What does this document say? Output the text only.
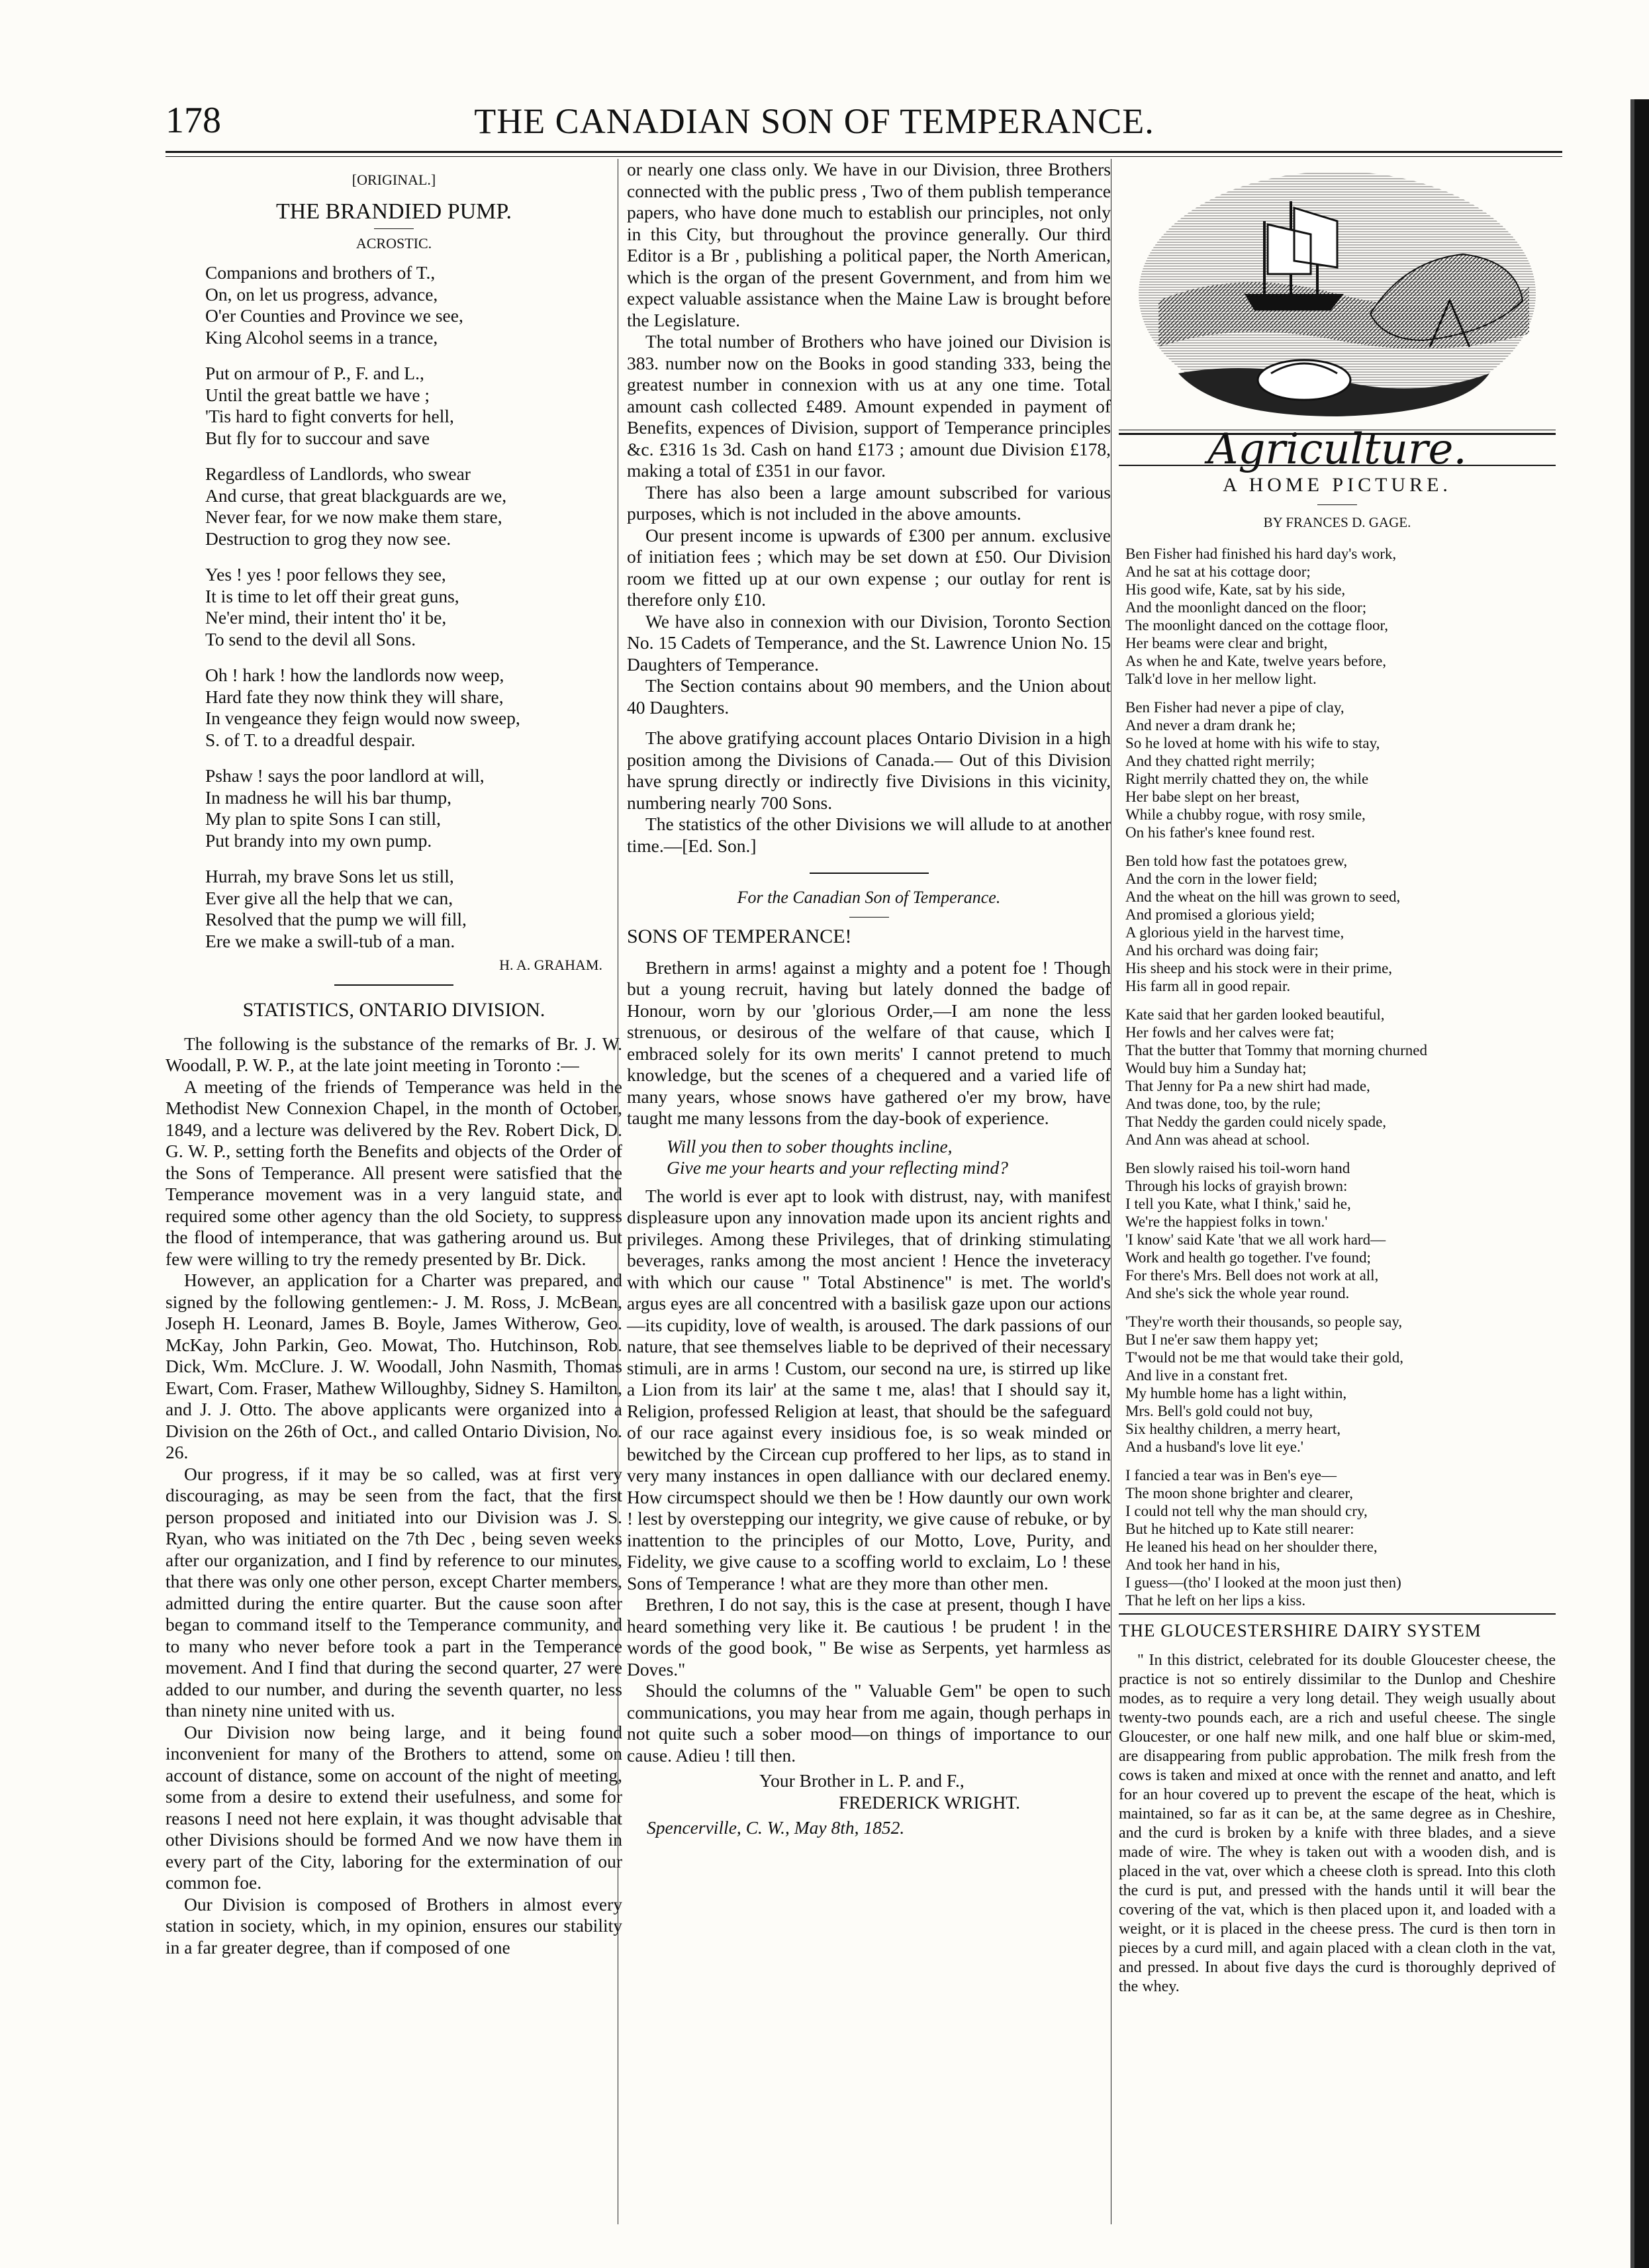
178	THE CANADIAN SON OF TEMPERANCE.
[ORIGINAL.]
THE BRANDIED PUMP.
ACROSTIC.

Companions and brothers of T.,
On, on let us progress, advance,
O'er Counties and Province we see,
King Alcohol seems in a trance,

Put on armour of P., F. and L.,
Until the great battle we have ;
'Tis hard to fight converts for hell,
But fly for to succour and save

Regardless of Landlords, who swear
And curse, that great blackguards are we,
Never fear, for we now make them stare,
Destruction to grog they now see.

Yes ! yes ! poor fellows they see,
It is time to let off their great guns,
Ne'er mind, their intent tho' it be,
To send to the devil all Sons.

Oh ! hark ! how the landlords now weep,
Hard fate they now think they will share,
In vengeance they feign would now sweep,
S. of T. to a dreadful despair.

Pshaw ! says the poor landlord at will,
In madness he will his bar thump,
My plan to spite Sons I can still,
Put brandy into my own pump.

Hurrah, my brave Sons let us still,
Ever give all the help that we can,
Resolved that the pump we will fill,
Ere we make a swill-tub of a man.

H. A. GRAHAM.
STATISTICS, ONTARIO DIVISION.

The following is the substance of the remarks of Br. J. W. Woodall, P. W. P., at the late joint meeting in Toronto :—

A meeting of the friends of Temperance was held in the Methodist New Connexion Chapel, in the month of October, 1849, and a lecture was delivered by the Rev. Robert Dick, D. G. W. P., setting forth the Benefits and objects of the Order of the Sons of Temperance. All present were satisfied that the Temperance movement was in a very languid state, and required some other agency than the old Society, to suppress the flood of intemperance, that was gathering around us. But few were willing to try the remedy presented by Br. Dick.

However, an application for a Charter was prepared, and signed by the following gentlemen:- J. M. Ross, J. McBean, Joseph H. Leonard, James B. Boyle, James Witherow, Geo. McKay, John Parkin, Geo. Mowat, Tho. Hutchinson, Rob. Dick, Wm. McClure. J. W. Woodall, John Nasmith, Thomas Ewart, Com. Fraser, Mathew Willoughby, Sidney S. Hamilton, and J. J. Otto. The above applicants were organized into a Division on the 26th of Oct., and called Ontario Division, No. 26.

Our progress, if it may be so called, was at first very discouraging, as may be seen from the fact, that the first person proposed and initiated into our Division was J. S. Ryan, who was initiated on the 7th Dec , being seven weeks after our organization, and I find by reference to our minutes, that there was only one other person, except Charter members, admitted during the entire quarter. But the cause soon after began to command itself to the Temperance community, and to many who never before took a part in the Temperance movement. And I find that during the second quarter, 27 were added to our number, and during the seventh quarter, no less than ninety nine united with us.

Our Division now being large, and it being found inconvenient for many of the Brothers to attend, some on account of distance, some on account of the night of meeting, some from a desire to extend their usefulness, and some for reasons I need not here explain, it was thought advisable that other Divisions should be formed And we now have them in every part of the City, laboring for the extermination of our common foe.

Our Division is composed of Brothers in almost every station in society, which, in my opinion, ensures our stability in a far greater degree, than if composed of one

or nearly one class only. We have in our Division, three Brothers connected with the public press , Two of them publish temperance papers, who have done much to establish our principles, not only in this City, but throughout the province generally. Our third Editor is a Br , publishing a political paper, the North American, which is the organ of the present Government, and from him we expect valuable assistance when the Maine Law is brought before the Legislature.

The total number of Brothers who have joined our Division is 383. number now on the Books in good standing 333, being the greatest number in connexion with us at any one time. Total amount cash collected £489. Amount expended in payment of Benefits, expences of Division, support of Temperance principles &c. £316 1s 3d. Cash on hand £173 ; amount due Division £178, making a total of £351 in our favor.

There has also been a large amount subscribed for various purposes, which is not included in the above amounts.

Our present income is upwards of £300 per annum. exclusive of initiation fees ; which may be set down at £50. Our Division room we fitted up at our own expense ; our outlay for rent is therefore only £10.

We have also in connexion with our Division, Toronto Section No. 15 Cadets of Temperance, and the St. Lawrence Union No. 15 Daughters of Temperance.

The Section contains about 90 members, and the Union about 40 Daughters.

The above gratifying account places Ontario Division in a high position among the Divisions of Canada.— Out of this Division have sprung directly or indirectly five Divisions in this vicinity, numbering nearly 700 Sons.

The statistics of the other Divisions we will allude to at another time.—[Ed. Son.]

For the Canadian Son of Temperance.
SONS OF TEMPERANCE!

Brethern in arms! against a mighty and a potent foe ! Though but a young recruit, having but lately donned the badge of Honour, worn by our 'glorious Order,—I am none the less strenuous, or desirous of the welfare of that cause, which I embraced solely for its own merits' I cannot pretend to much knowledge, but the scenes of a chequered and a varied life of many years, whose snows have gathered o'er my brow, have taught me many lessons from the day-book of experience.

Will you then to sober thoughts incline,
Give me your hearts and your reflecting mind?

The world is ever apt to look with distrust, nay, with manifest displeasure upon any innovation made upon its ancient rights and privileges. Among these Privileges, that of drinking stimulating beverages, ranks among the most ancient ! Hence the inveteracy with which our cause " Total Abstinence" is met. The world's argus eyes are all concentred with a basilisk gaze upon our actions—its cupidity, love of wealth, is aroused. The dark passions of our nature, that see themselves liable to be deprived of their necessary stimuli, are in arms ! Custom, our second na ure, is stirred up like a Lion from its lair' at the same t me, alas! that I should say it, Religion, professed Religion at least, that should be the safeguard of our race against every insidious foe, is so weak minded or bewitched by the Circean cup proffered to her lips, as to stand in very many instances in open dalliance with our declared enemy. How circumspect should we then be ! How dauntly our own work ! lest by overstepping our integrity, we give cause of rebuke, or by inattention to the principles of our Motto, Love, Purity, and Fidelity, we give cause to a scoffing world to exclaim, Lo ! these Sons of Temperance ! what are they more than other men.

Brethren, I do not say, this is the case at present, though I have heard something very like it. Be cautious ! be prudent ! in the words of the good book, " Be wise as Serpents, yet harmless as Doves."

Should the columns of the " Valuable Gem" be open to such communications, you may hear from me again, though perhaps in not quite such a sober mood—on things of importance to our cause. Adieu ! till then.

Your Brother in L. P. and F.,

FREDERICK WRIGHT.

Spencerville, C. W., May 8th, 1852.

Agriculture.
A HOME PICTURE.
BY FRANCES D. GAGE.

Ben Fisher had finished his hard day's work,
And he sat at his cottage door;
His good wife, Kate, sat by his side,
And the moonlight danced on the floor;
The moonlight danced on the cottage floor,
Her beams were clear and bright,
As when he and Kate, twelve years before,
Talk'd love in her mellow light.

Ben Fisher had never a pipe of clay,
And never a dram drank he;
So he loved at home with his wife to stay,
And they chatted right merrily;
Right merrily chatted they on, the while
Her babe slept on her breast,
While a chubby rogue, with rosy smile,
On his father's knee found rest.

Ben told how fast the potatoes grew,
And the corn in the lower field;
And the wheat on the hill was grown to seed,
And promised a glorious yield;
A glorious yield in the harvest time,
And his orchard was doing fair;
His sheep and his stock were in their prime,
His farm all in good repair.

Kate said that her garden looked beautiful,
Her fowls and her calves were fat;
That the butter that Tommy that morning churned
Would buy him a Sunday hat;
That Jenny for Pa a new shirt had made,
And twas done, too, by the rule;
That Neddy the garden could nicely spade,
And Ann was ahead at school.

Ben slowly raised his toil-worn hand
Through his locks of grayish brown:
I tell you Kate, what I think,' said he,
We're the happiest folks in town.'
'I know' said Kate 'that we all work hard—
Work and health go together. I've found;
For there's Mrs. Bell does not work at all,
And she's sick the whole year round.

'They're worth their thousands, so people say,
But I ne'er saw them happy yet;
T'would not be me that would take their gold,
And live in a constant fret.
My humble home has a light within,
Mrs. Bell's gold could not buy,
Six healthy children, a merry heart,
And a husband's love lit eye.'

I fancied a tear was in Ben's eye—
The moon shone brighter and clearer,
I could not tell why the man should cry,
But he hitched up to Kate still nearer:
He leaned his head on her shoulder there,
And took her hand in his,
I guess—(tho' I looked at the moon just then)
That he left on her lips a kiss.

THE GLOUCESTERSHIRE DAIRY SYSTEM

" In this district, celebrated for its double Gloucester cheese, the practice is not so entirely dissimilar to the Dunlop and Cheshire modes, as to require a very long detail. They weigh usually about twenty-two pounds each, are a rich and useful cheese. The single Gloucester, or one half new milk, and one half blue or skim-med, are disappearing from public approbation. The milk fresh from the cows is taken and mixed at once with the rennet and anatto, and left for an hour covered up to prevent the escape of the heat, which is maintained, so far as it can be, at the same degree as in Cheshire, and the curd is broken by a knife with three blades, and a sieve made of wire. The whey is taken out with a wooden dish, and is placed in the vat, over which a cheese cloth is spread. Into this cloth the curd is put, and pressed with the hands until it will bear the covering of the vat, which is then placed upon it, and loaded with a weight, or it is placed in the cheese press. The curd is then torn in pieces by a curd mill, and again placed with a clean cloth in the vat, and pressed. In about five days the curd is thoroughly deprived of the whey.
